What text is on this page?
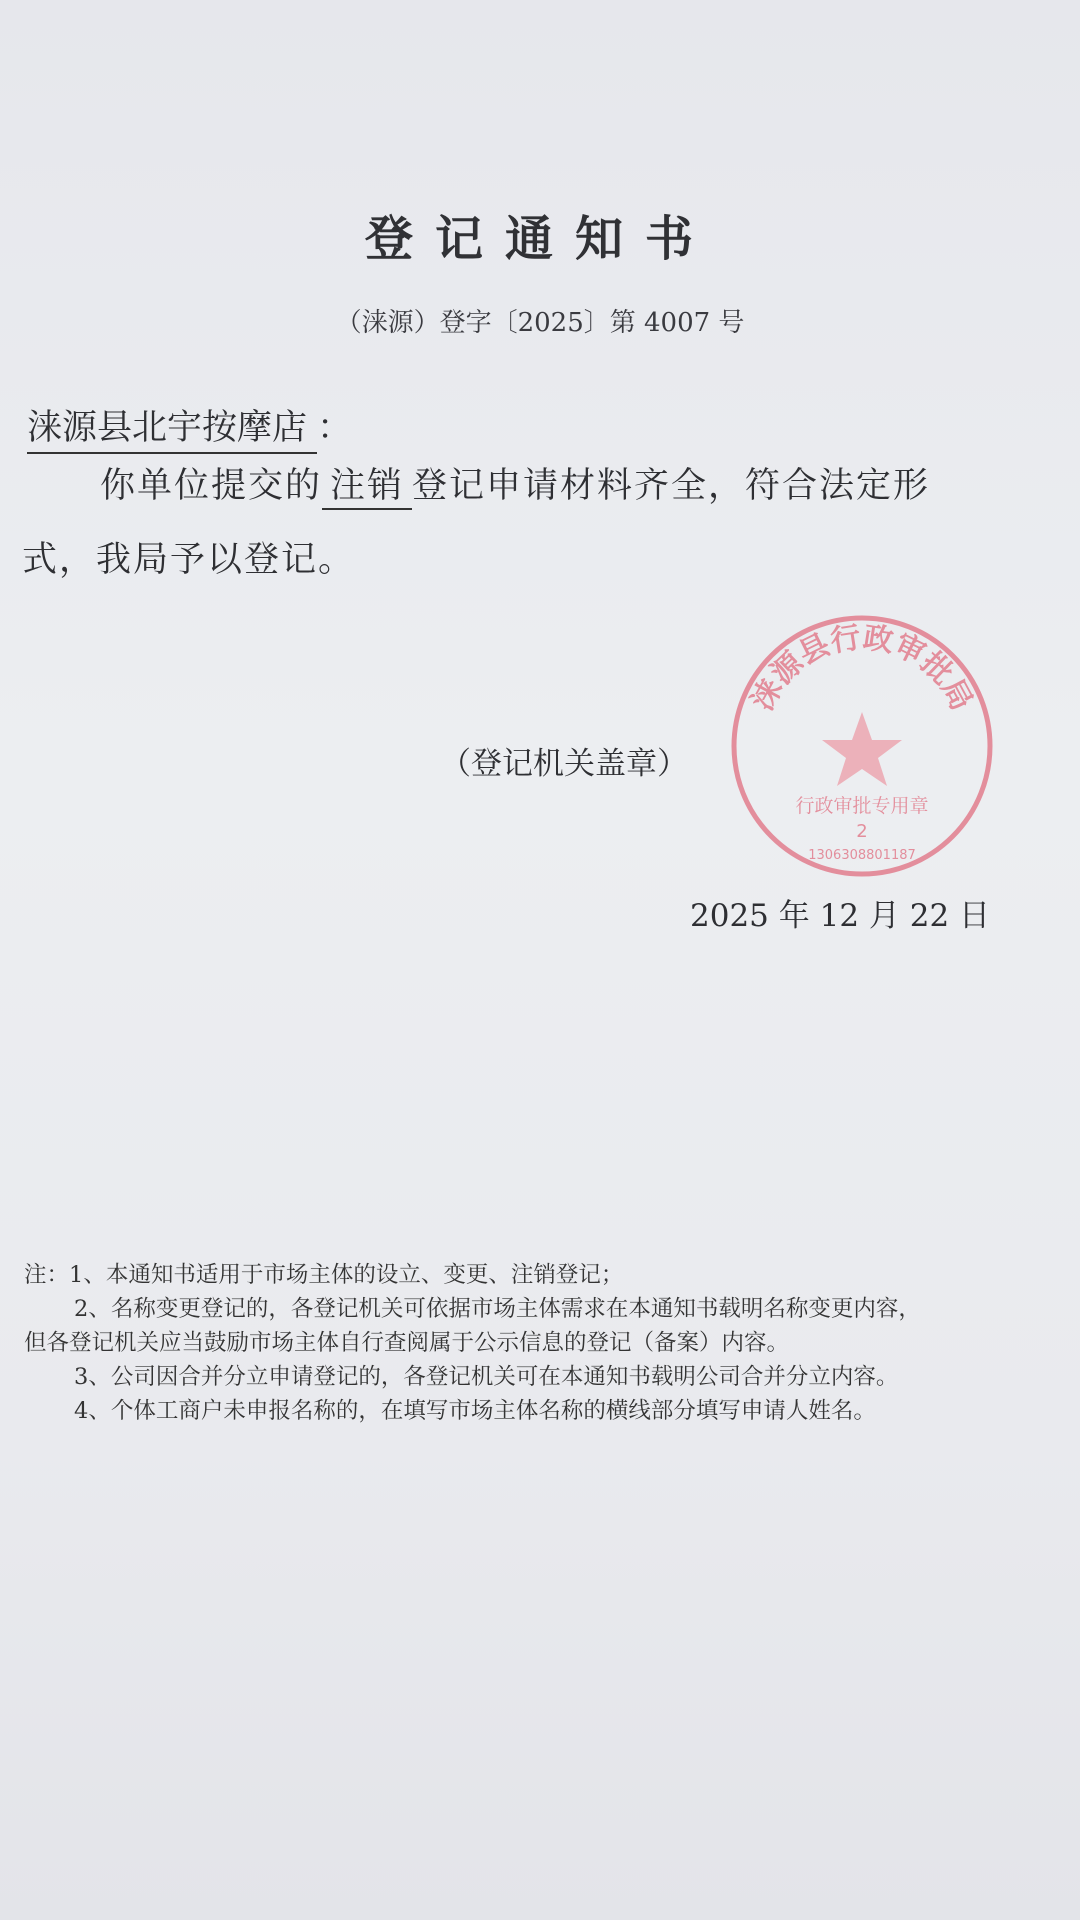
登记通知书
（涞源）登字〔2025〕第 4007 号
涞源县北宇按摩店 ：
你单位提交的 注销 登记申请材料齐全，符合法定形
式，我局予以登记。
涞源县行政审批局
行政审批专用章
2
1306308801187
（登记机关盖章）
2025 年 12 月 22 日
注：1、本通知书适用于市场主体的设立、变更、注销登记；
2、名称变更登记的，各登记机关可依据市场主体需求在本通知书载明名称变更内容，
但各登记机关应当鼓励市场主体自行查阅属于公示信息的登记（备案）内容。
3、公司因合并分立申请登记的，各登记机关可在本通知书载明公司合并分立内容。
4、个体工商户未申报名称的，在填写市场主体名称的横线部分填写申请人姓名。
